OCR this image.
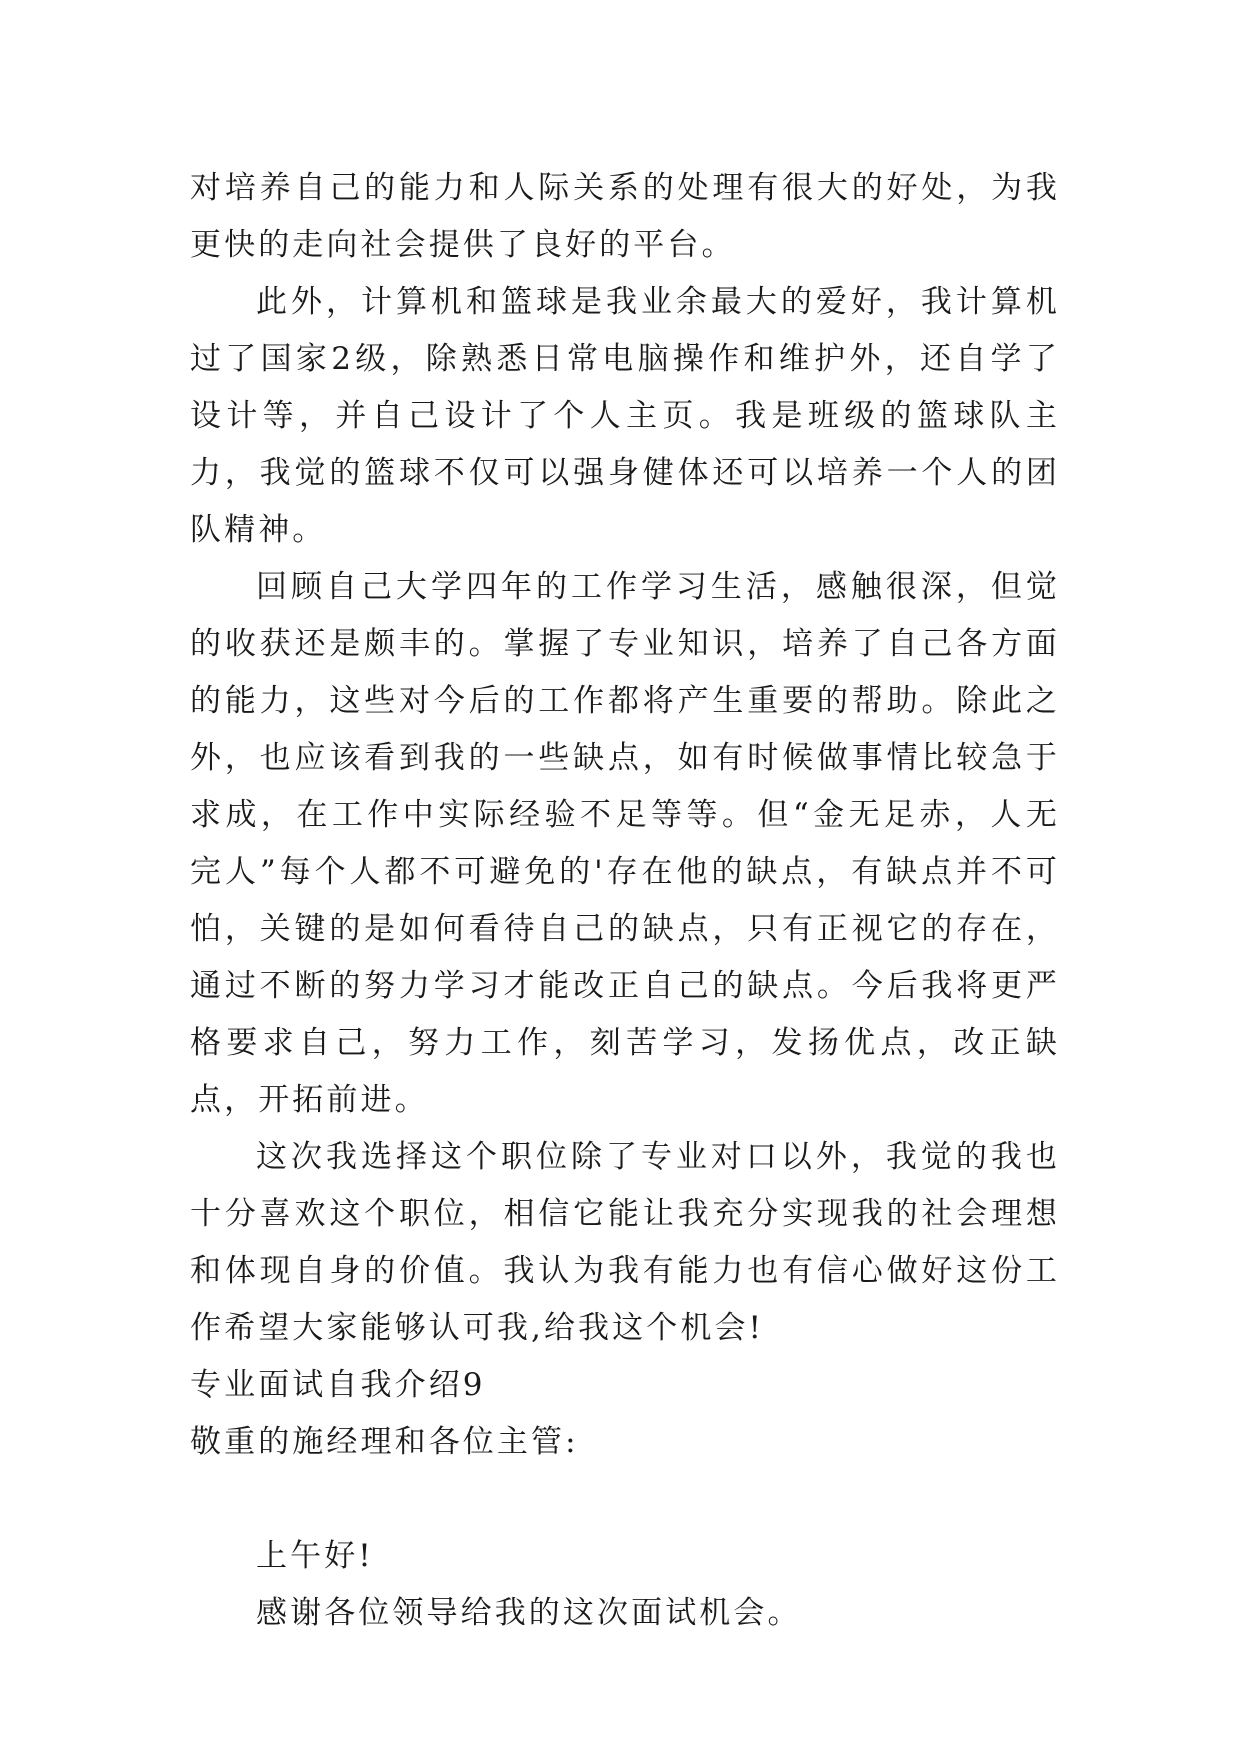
对培养自己的能力和人际关系的处理有很大的好处，为我更快的走向社会提供了良好的平台。

此外，计算机和篮球是我业余最大的爱好，我计算机过了国家2级，除熟悉日常电脑操作和维护外，还自学了设计等，并自己设计了个人主页。我是班级的篮球队主力，我觉的篮球不仅可以强身健体还可以培养一个人的团队精神。

回顾自己大学四年的工作学习生活，感触很深，但觉的收获还是颇丰的。掌握了专业知识，培养了自己各方面的能力，这些对今后的工作都将产生重要的帮助。除此之外，也应该看到我的一些缺点，如有时候做事情比较急于求成，在工作中实际经验不足等等。但“金无足赤，人无完人”每个人都不可避免的'存在他的缺点，有缺点并不可怕，关键的是如何看待自己的缺点，只有正视它的存在，通过不断的努力学习才能改正自己的缺点。今后我将更严格要求自己，努力工作，刻苦学习，发扬优点，改正缺点，开拓前进。

这次我选择这个职位除了专业对口以外，我觉的我也十分喜欢这个职位，相信它能让我充分实现我的社会理想和体现自身的价值。我认为我有能力也有信心做好这份工作希望大家能够认可我,给我这个机会!

专业面试自我介绍9

敬重的施经理和各位主管:

上午好!

感谢各位领导给我的这次面试机会。
